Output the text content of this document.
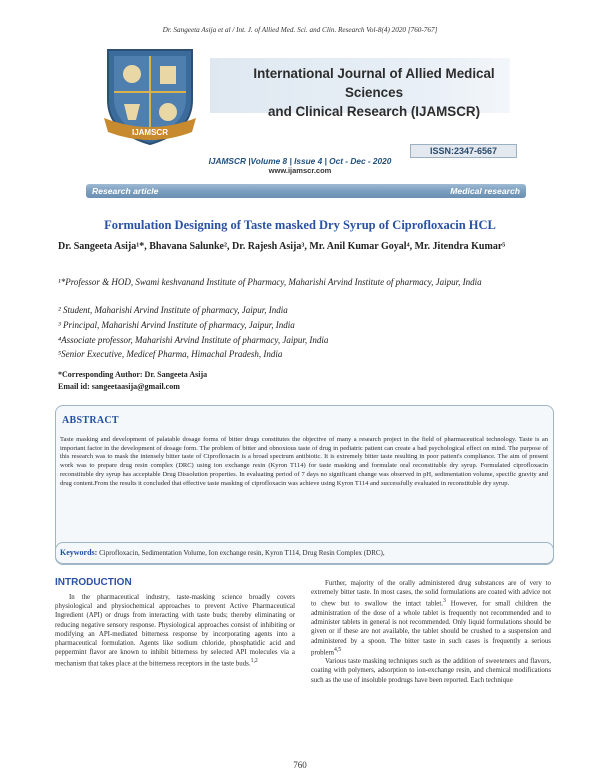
Dr. Sangeeta Asija et al / Int. J. of Allied Med. Sci. and Clin. Research Vol-8(4) 2020 [760-767]
IJAMSCR
International Journal of Allied Medical Sciences
and Clinical Research (IJAMSCR)
ISSN:2347-6567
IJAMSCR |Volume 8 | Issue 4 | Oct - Dec - 2020
www.ijamscr.com
Research article	Medical research
Formulation Designing of Taste masked Dry Syrup of Ciprofloxacin HCL
Dr. Sangeeta Asija¹*, Bhavana Salunke², Dr. Rajesh Asija³, Mr. Anil Kumar Goyal⁴, Mr. Jitendra Kumar⁵
¹*Professor & HOD, Swami keshvanand Institute of Pharmacy, Maharishi Arvind Institute of pharmacy, Jaipur, India
² Student, Maharishi Arvind Institute of pharmacy, Jaipur, India
³ Principal, Maharishi Arvind Institute of pharmacy, Jaipur, India
⁴Associate professor, Maharishi Arvind Institute of pharmacy, Jaipur, India
⁵Senior Executive, Medicef Pharma, Himachal Pradesh, India
*Corresponding Author: Dr. Sangeeta Asija
Email id: sangeetaasija@gmail.com
ABSTRACT
Taste masking and development of palatable dosage forms of bitter drugs constitutes the objective of many a research project in the field of pharmaceutical technology. Taste is an important factor in the development of dosage form. The problem of bitter and obnoxious taste of drug in pediatric patient can create a bad psychological effect on mind. The purpose of this research was to mask the intensely bitter taste of Ciprofloxacin is a broad spectrum antibiotic. It is extremely bitter taste resulting in poor patient's compliance. The aim of present work was to prepare drug resin complex (DRC) using ion exchange resin (Kyron T114) for taste masking and formulate oral reconstituble dry syrup. Formulated ciprofloxacin reconstituble dry syrup has acceptable Drug Dissolution properties. In evaluating period of 7 days no significant change was observed in pH, sedimentation volume, specific gravity and drug content.From the results it concluded that effective taste masking of ciprofloxacin was achieve using Kyron T114 and successfully evaluated in reconstituble dry syrup.
Keywords: Ciprofloxacin, Sedimentation Volume, Ion exchange resin, Kyron T114, Drug Resin Complex (DRC),
INTRODUCTION

In the pharmaceutical industry, taste-masking science broadly covers physiological and physiochemical approaches to prevent Active Pharmaceutical Ingredient (API) or drugs from interacting with taste buds; thereby eliminating or reducing negative sensory response. Physiological approaches consist of inhibiting or modifying an API-mediated bitterness response by incorporating agents into a pharmaceutical formulation. Agents like sodium chloride, phosphatidic acid and peppermint flavor are known to inhibit bitterness by selected API molecules via a mechanism that takes place at the bitterness receptors in the taste buds.$^{1,2}$

Further, majority of the orally administered drug substances are of very to extremely bitter taste. In most cases, the solid formulations are coated with advice not to chew but to swallow the intact tablet.$^3$ However, for small children the administration of the dose of a whole tablet is frequently not recommended and to administer tablets in general is not recommended. Only liquid formulations should be given or if these are not available, the tablet should be crushed to a suspension and administered by a spoon. The bitter taste in such cases is frequently a serious problem$^{4,5}$

Various taste masking techniques such as the addition of sweeteners and flavors, coating with polymers, adsorption to ion-exchange resin, and chemical modifications such as the use of insoluble prodrugs have been reported. Each technique

760
